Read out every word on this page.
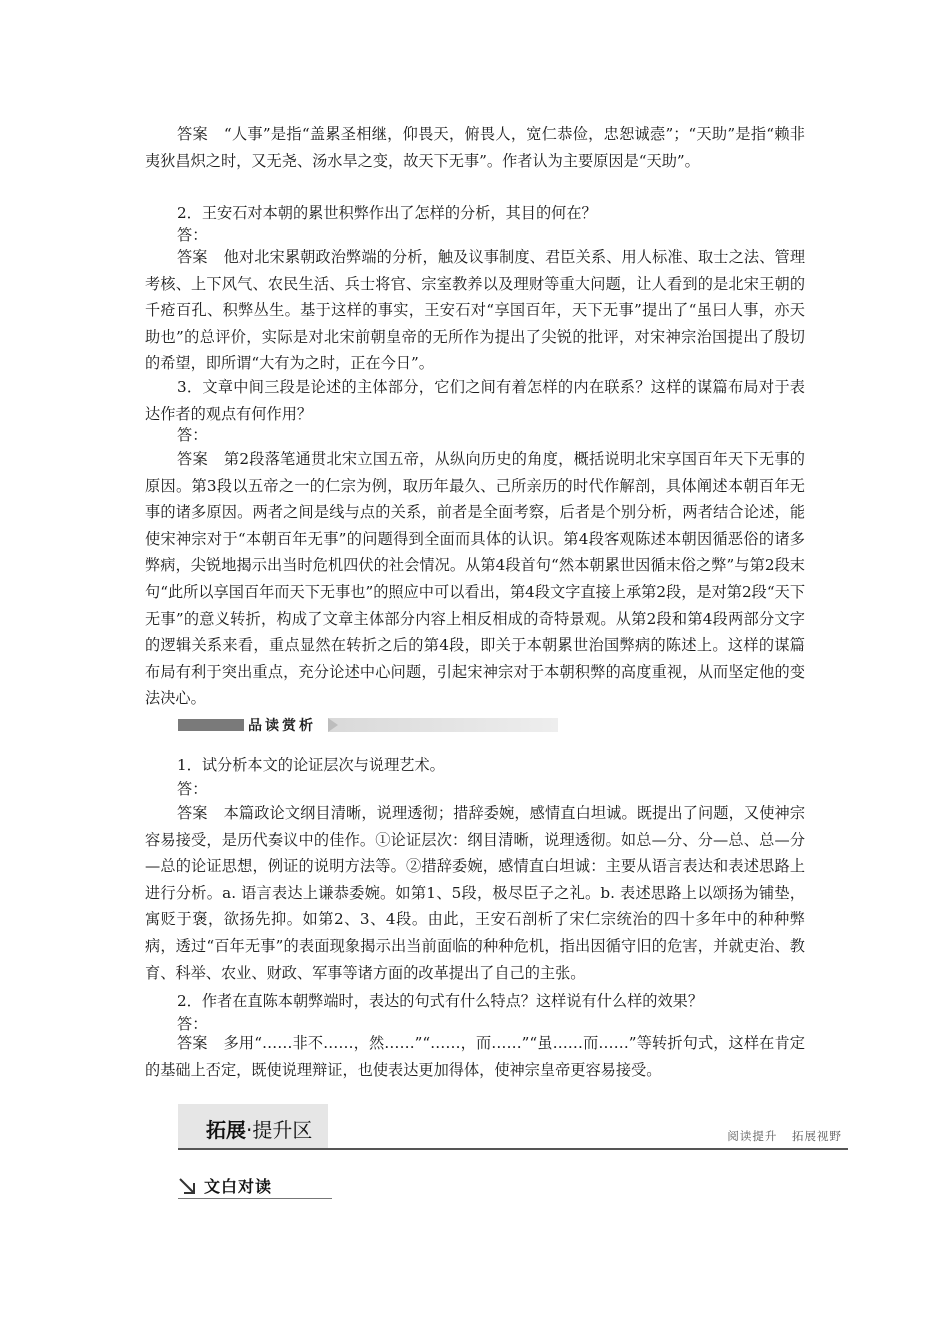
答案 “人事”是指“盖累圣相继，仰畏天，俯畏人，宽仁恭俭，忠恕诚悫”；“天助”是指“赖非夷狄昌炽之时，又无尧、汤水旱之变，故天下无事”。作者认为主要原因是“天助”。

2．王安石对本朝的累世积弊作出了怎样的分析，其目的何在？

答：

答案 他对北宋累朝政治弊端的分析，触及议事制度、君臣关系、用人标准、取士之法、管理考核、上下风气、农民生活、兵士将官、宗室教养以及理财等重大问题，让人看到的是北宋王朝的千疮百孔、积弊丛生。基于这样的事实，王安石对“享国百年，天下无事”提出了“虽曰人事，亦天助也”的总评价，实际是对北宋前朝皇帝的无所作为提出了尖锐的批评，对宋神宗治国提出了殷切的希望，即所谓“大有为之时，正在今日”。

3．文章中间三段是论述的主体部分，它们之间有着怎样的内在联系？这样的谋篇布局对于表达作者的观点有何作用？

答：

答案 第2段落笔通贯北宋立国五帝，从纵向历史的角度，概括说明北宋享国百年天下无事的原因。第3段以五帝之一的仁宗为例，取历年最久、己所亲历的时代作解剖，具体阐述本朝百年无事的诸多原因。两者之间是线与点的关系，前者是全面考察，后者是个别分析，两者结合论述，能使宋神宗对于“本朝百年无事”的问题得到全面而具体的认识。第4段客观陈述本朝因循恶俗的诸多弊病，尖锐地揭示出当时危机四伏的社会情况。从第4段首句“然本朝累世因循末俗之弊”与第2段末句“此所以享国百年而天下无事也”的照应中可以看出，第4段文字直接上承第2段，是对第2段“天下无事”的意义转折，构成了文章主体部分内容上相反相成的奇特景观。从第2段和第4段两部分文字的逻辑关系来看，重点显然在转折之后的第4段，即关于本朝累世治国弊病的陈述上。这样的谋篇布局有利于突出重点，充分论述中心问题，引起宋神宗对于本朝积弊的高度重视，从而坚定他的变法决心。

品读赏析

1．试分析本文的论证层次与说理艺术。

答：

答案 本篇政论文纲目清晰，说理透彻；措辞委婉，感情直白坦诚。既提出了问题，又使神宗容易接受，是历代奏议中的佳作。①论证层次：纲目清晰，说理透彻。如总—分、分—总、总—分—总的论证思想，例证的说明方法等。②措辞委婉，感情直白坦诚：主要从语言表达和表述思路上进行分析。a. 语言表达上谦恭委婉。如第1、5段，极尽臣子之礼。b. 表述思路上以颂扬为铺垫，寓贬于褒，欲扬先抑。如第2、3、4段。由此，王安石剖析了宋仁宗统治的四十多年中的种种弊病，透过“百年无事”的表面现象揭示出当前面临的种种危机，指出因循守旧的危害，并就吏治、教育、科举、农业、财政、军事等诸方面的改革提出了自己的主张。

2．作者在直陈本朝弊端时，表达的句式有什么特点？这样说有什么样的效果？

答：

答案 多用“……非不……，然……”“……，而……”“虽……而……”等转折句式，这样在肯定的基础上否定，既使说理辩证，也使表达更加得体，使神宗皇帝更容易接受。

拓展·提升区	阅读提升 拓展视野
文白对读
